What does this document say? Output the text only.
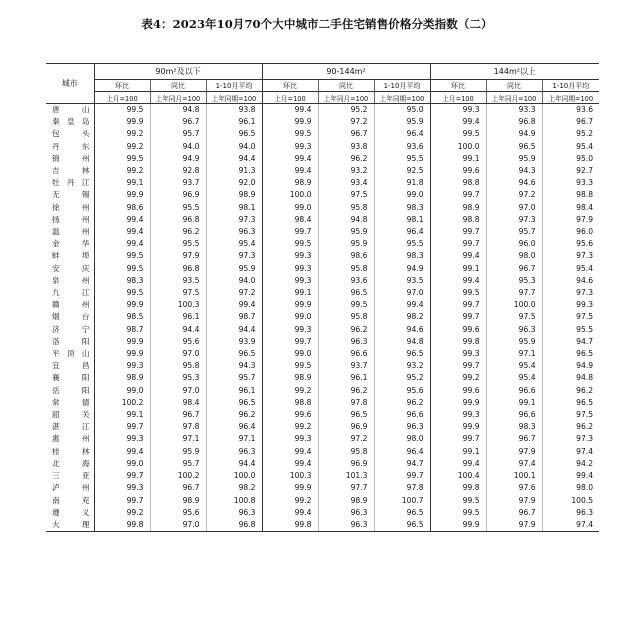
表4：2023年10月70个大中城市二手住宅销售价格分类指数（二）
城市	90m²及以下			90-144m²			144m²以上		
	环比	同比	1-10月平均	环比	同比	1-10月平均	环比	同比	1-10月平均
	上月=100	上年同月=100	上年同期=100	上月=100	上年同月=100	上年同期=100	上月=100	上年同月=100	上年同期=100

唐 山	99.5	94.8	93.8	99.4	95.2	95.0	99.3	93.3	93.6

秦 皇 岛	99.9	96.7	96.1	99.9	97.2	95.9	99.4	96.8	96.7

包 头	99.2	95.7	96.5	99.5	96.7	96.4	99.5	94.9	95.2

丹 东	99.2	94.0	94.0	99.3	93.8	93.6	100.0	96.5	95.4

锦 州	99.5	94.9	94.4	99.4	96.2	95.5	99.1	95.9	95.0

吉 林	99.2	92.8	91.3	99.4	93.2	92.5	99.6	94.3	92.7

牡 丹 江	99.1	93.7	92.0	98.9	93.4	91.8	98.8	94.6	93.3

无 锡	99.9	96.9	98.9	100.0	97.5	99.0	99.7	97.2	98.8

徐 州	98.6	95.5	98.1	99.0	95.8	98.3	98.9	97.0	98.4

扬 州	99.4	96.8	97.3	98.4	94.8	98.1	98.8	97.3	97.9

温 州	99.4	96.2	96.3	99.7	95.9	96.4	99.7	95.7	96.0

金 华	99.4	95.5	95.4	99.5	95.9	95.5	99.7	96.0	95.6

蚌 埠	99.5	97.9	97.3	99.3	98.6	98.3	99.4	98.0	97.3

安 庆	99.5	96.8	95.9	99.3	95.8	94.9	99.1	96.7	95.4

泉 州	98.3	93.5	94.0	99.3	93.6	93.5	99.4	95.3	94.6

九 江	99.5	97.5	97.2	99.1	96.5	97.0	99.5	97.7	97.3

赣 州	99.9	100.3	99.4	99.9	99.5	99.4	99.7	100.0	99.3

烟 台	98.5	96.1	98.7	99.0	95.8	98.2	99.7	97.5	97.5

济 宁	98.7	94.4	94.4	99.3	96.2	94.6	99.6	96.3	95.5

洛 阳	99.9	95.6	93.9	99.7	96.3	94.8	99.8	95.9	94.7

平 顶 山	99.9	97.0	96.5	99.0	96.6	96.5	99.3	97.1	96.5

宜 昌	99.3	95.8	94.3	99.5	93.7	93.2	99.7	95.4	94.9

襄 阳	98.9	95.3	95.7	98.9	96.1	95.2	99.2	95.4	94.8

岳 阳	99.0	97.0	96.1	99.2	96.2	95.6	99.6	96.6	96.2

常 德	100.2	98.4	96.5	98.8	97.8	96.2	99.9	99.1	96.5

韶 关	99.1	96.7	96.2	99.6	96.5	96.6	99.3	96.6	97.5

湛 江	99.7	97.8	96.4	99.2	96.9	96.3	99.9	98.3	96.2

惠 州	99.3	97.1	97.1	99.3	97.2	98.0	99.7	96.7	97.3

桂 林	99.4	95.9	96.3	99.4	95.8	96.4	99.1	97.9	97.4

北 海	99.0	95.7	94.4	99.4	96.9	94.7	99.4	97.4	94.2

三 亚	99.7	100.2	100.0	100.3	101.3	99.7	100.4	100.1	99.4

泸 州	99.3	96.7	98.2	99.9	97.7	97.8	99.8	97.6	98.0

南 充	99.7	98.9	100.8	99.2	98.9	100.7	99.5	97.9	100.5

遵 义	99.2	95.6	96.3	99.4	96.3	96.5	99.5	96.7	96.3

大 理	99.8	97.0	96.8	99.8	96.3	96.5	99.9	97.9	97.4
